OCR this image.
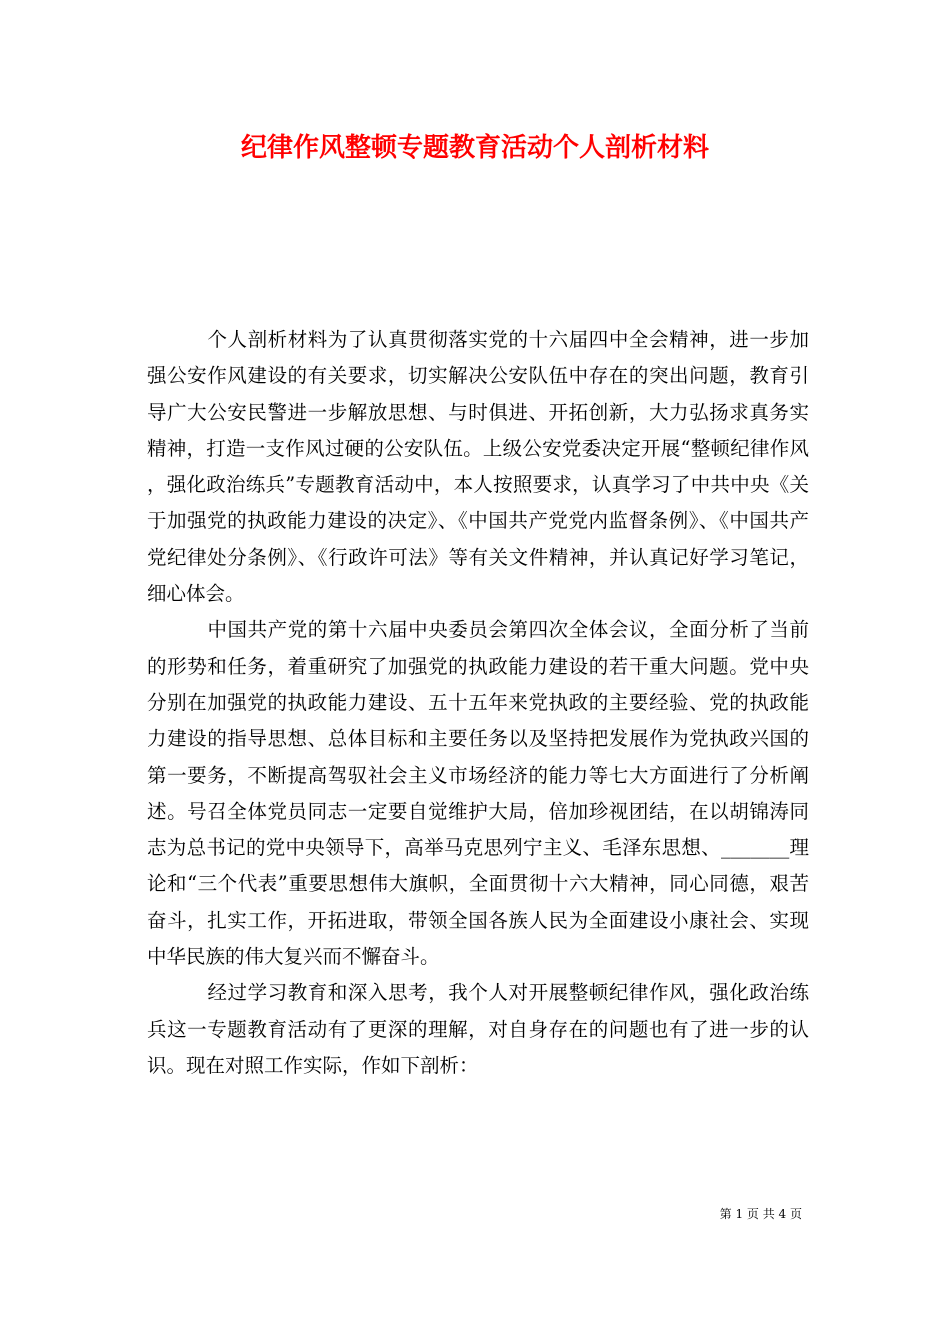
纪律作风整顿专题教育活动个人剖析材料

个人剖析材料为了认真贯彻落实党的十六届四中全会精神，进一步加强公安作风建设的有关要求，切实解决公安队伍中存在的突出问题，教育引导广大公安民警进一步解放思想、与时俱进、开拓创新，大力弘扬求真务实精神，打造一支作风过硬的公安队伍。上级公安党委决定开展“整顿纪律作风，强化政治练兵”专题教育活动中，本人按照要求，认真学习了中共中央《关于加强党的执政能力建设的决定》、《中国共产党党内监督条例》、《中国共产党纪律处分条例》、《行政许可法》等有关文件精神，并认真记好学习笔记，细心体会。

中国共产党的第十六届中央委员会第四次全体会议，全面分析了当前的形势和任务，着重研究了加强党的执政能力建设的若干重大问题。党中央分别在加强党的执政能力建设、五十五年来党执政的主要经验、党的执政能力建设的指导思想、总体目标和主要任务以及坚持把发展作为党执政兴国的第一要务，不断提高驾驭社会主义市场经济的能力等七大方面进行了分析阐述。号召全体党员同志一定要自觉维护大局，倍加珍视团结，在以胡锦涛同志为总书记的党中央领导下，高举马克思列宁主义、毛泽东思想、_______理论和“三个代表”重要思想伟大旗帜，全面贯彻十六大精神，同心同德，艰苦奋斗，扎实工作，开拓进取，带领全国各族人民为全面建设小康社会、实现中华民族的伟大复兴而不懈奋斗。

经过学习教育和深入思考，我个人对开展整顿纪律作风，强化政治练兵这一专题教育活动有了更深的理解，对自身存在的问题也有了进一步的认识。现在对照工作实际，作如下剖析：

第 1 页 共 4 页
